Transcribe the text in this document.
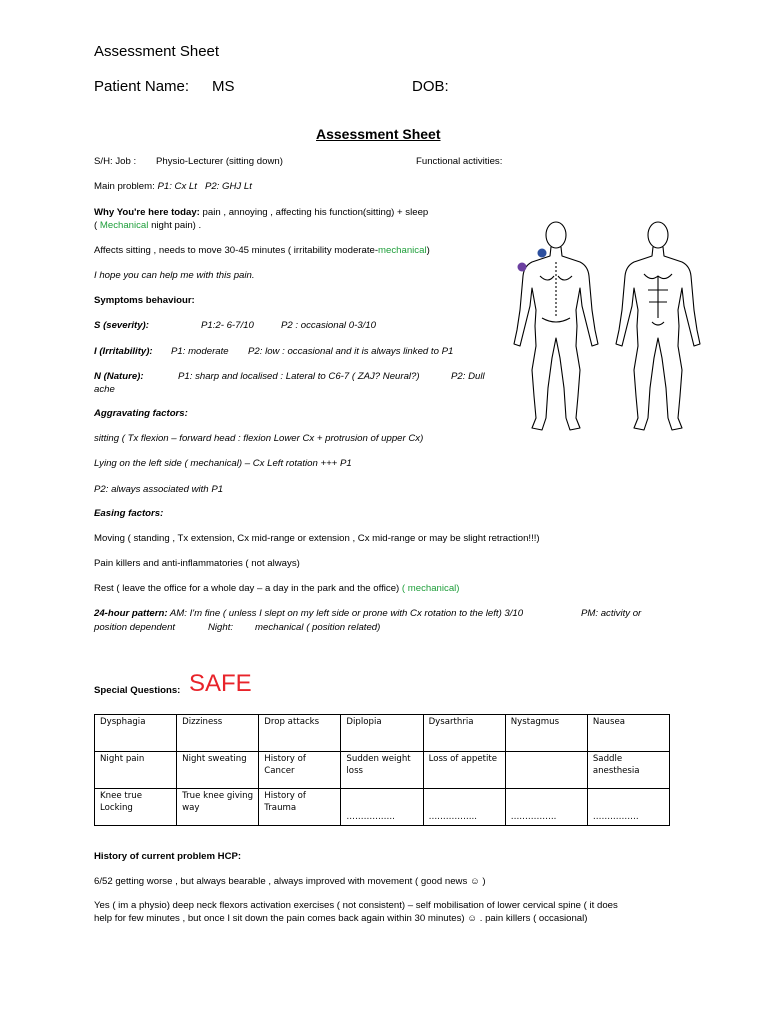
Assessment Sheet
Patient Name: MS	DOB:
Assessment Sheet
S/H: Job : Physio-Lecturer (sitting down)	Functional activities:
Main problem: P1: Cx Lt P2: GHJ Lt
Why You're here today: pain , annoying , affecting his function(sitting) + sleep
( Mechanical night pain) .
Affects sitting , needs to move 30-45 minutes ( irritability moderate-mechanical)
I hope you can help me with this pain.
Symptoms behaviour:
S (severity):	P1:2- 6-7/10	P2 : occasional 0-3/10
I (Irritability): P1: moderate P2: low : occasional and it is always linked to P1
N (Nature):	P1: sharp and localised : Lateral to C6-7 ( ZAJ? Neural?)	P2: Dull
ache
Aggravating factors:
sitting ( Tx flexion – forward head : flexion Lower Cx + protrusion of upper Cx)
Lying on the left side ( mechanical) – Cx Left rotation +++ P1
P2: always associated with P1
Easing factors:
Moving ( standing , Tx extension, Cx mid-range or extension , Cx mid-range or may be slight retraction!!!)
Pain killers and anti-inflammatories ( not always)
Rest ( leave the office for a whole day – a day in the park and the office) ( mechanical)
24-hour pattern: AM: I'm fine ( unless I slept on my left side or prone with Cx rotation to the left) 3/10	PM: activity or
position dependent	Night: mechanical ( position related)
Special Questions: SAFE
Dysphagia	Dizziness	Drop attacks	Diplopia	Dysarthria	Nystagmus	Nausea
Night pain	Night sweating	History of Cancer	Sudden weight loss	Loss of appetite		Saddle anesthesia
Knee true Locking	True knee giving way	History of Trauma	……………..	……………..	…………….	…………….
History of current problem HCP:
6/52 getting worse , but always bearable , always improved with movement ( good news ☺ )
Yes ( im a physio) deep neck flexors activation exercises ( not consistent) – self mobilisation of lower cervical spine ( it does
help for few minutes , but once I sit down the pain comes back again within 30 minutes) ☺ . pain killers ( occasional)
